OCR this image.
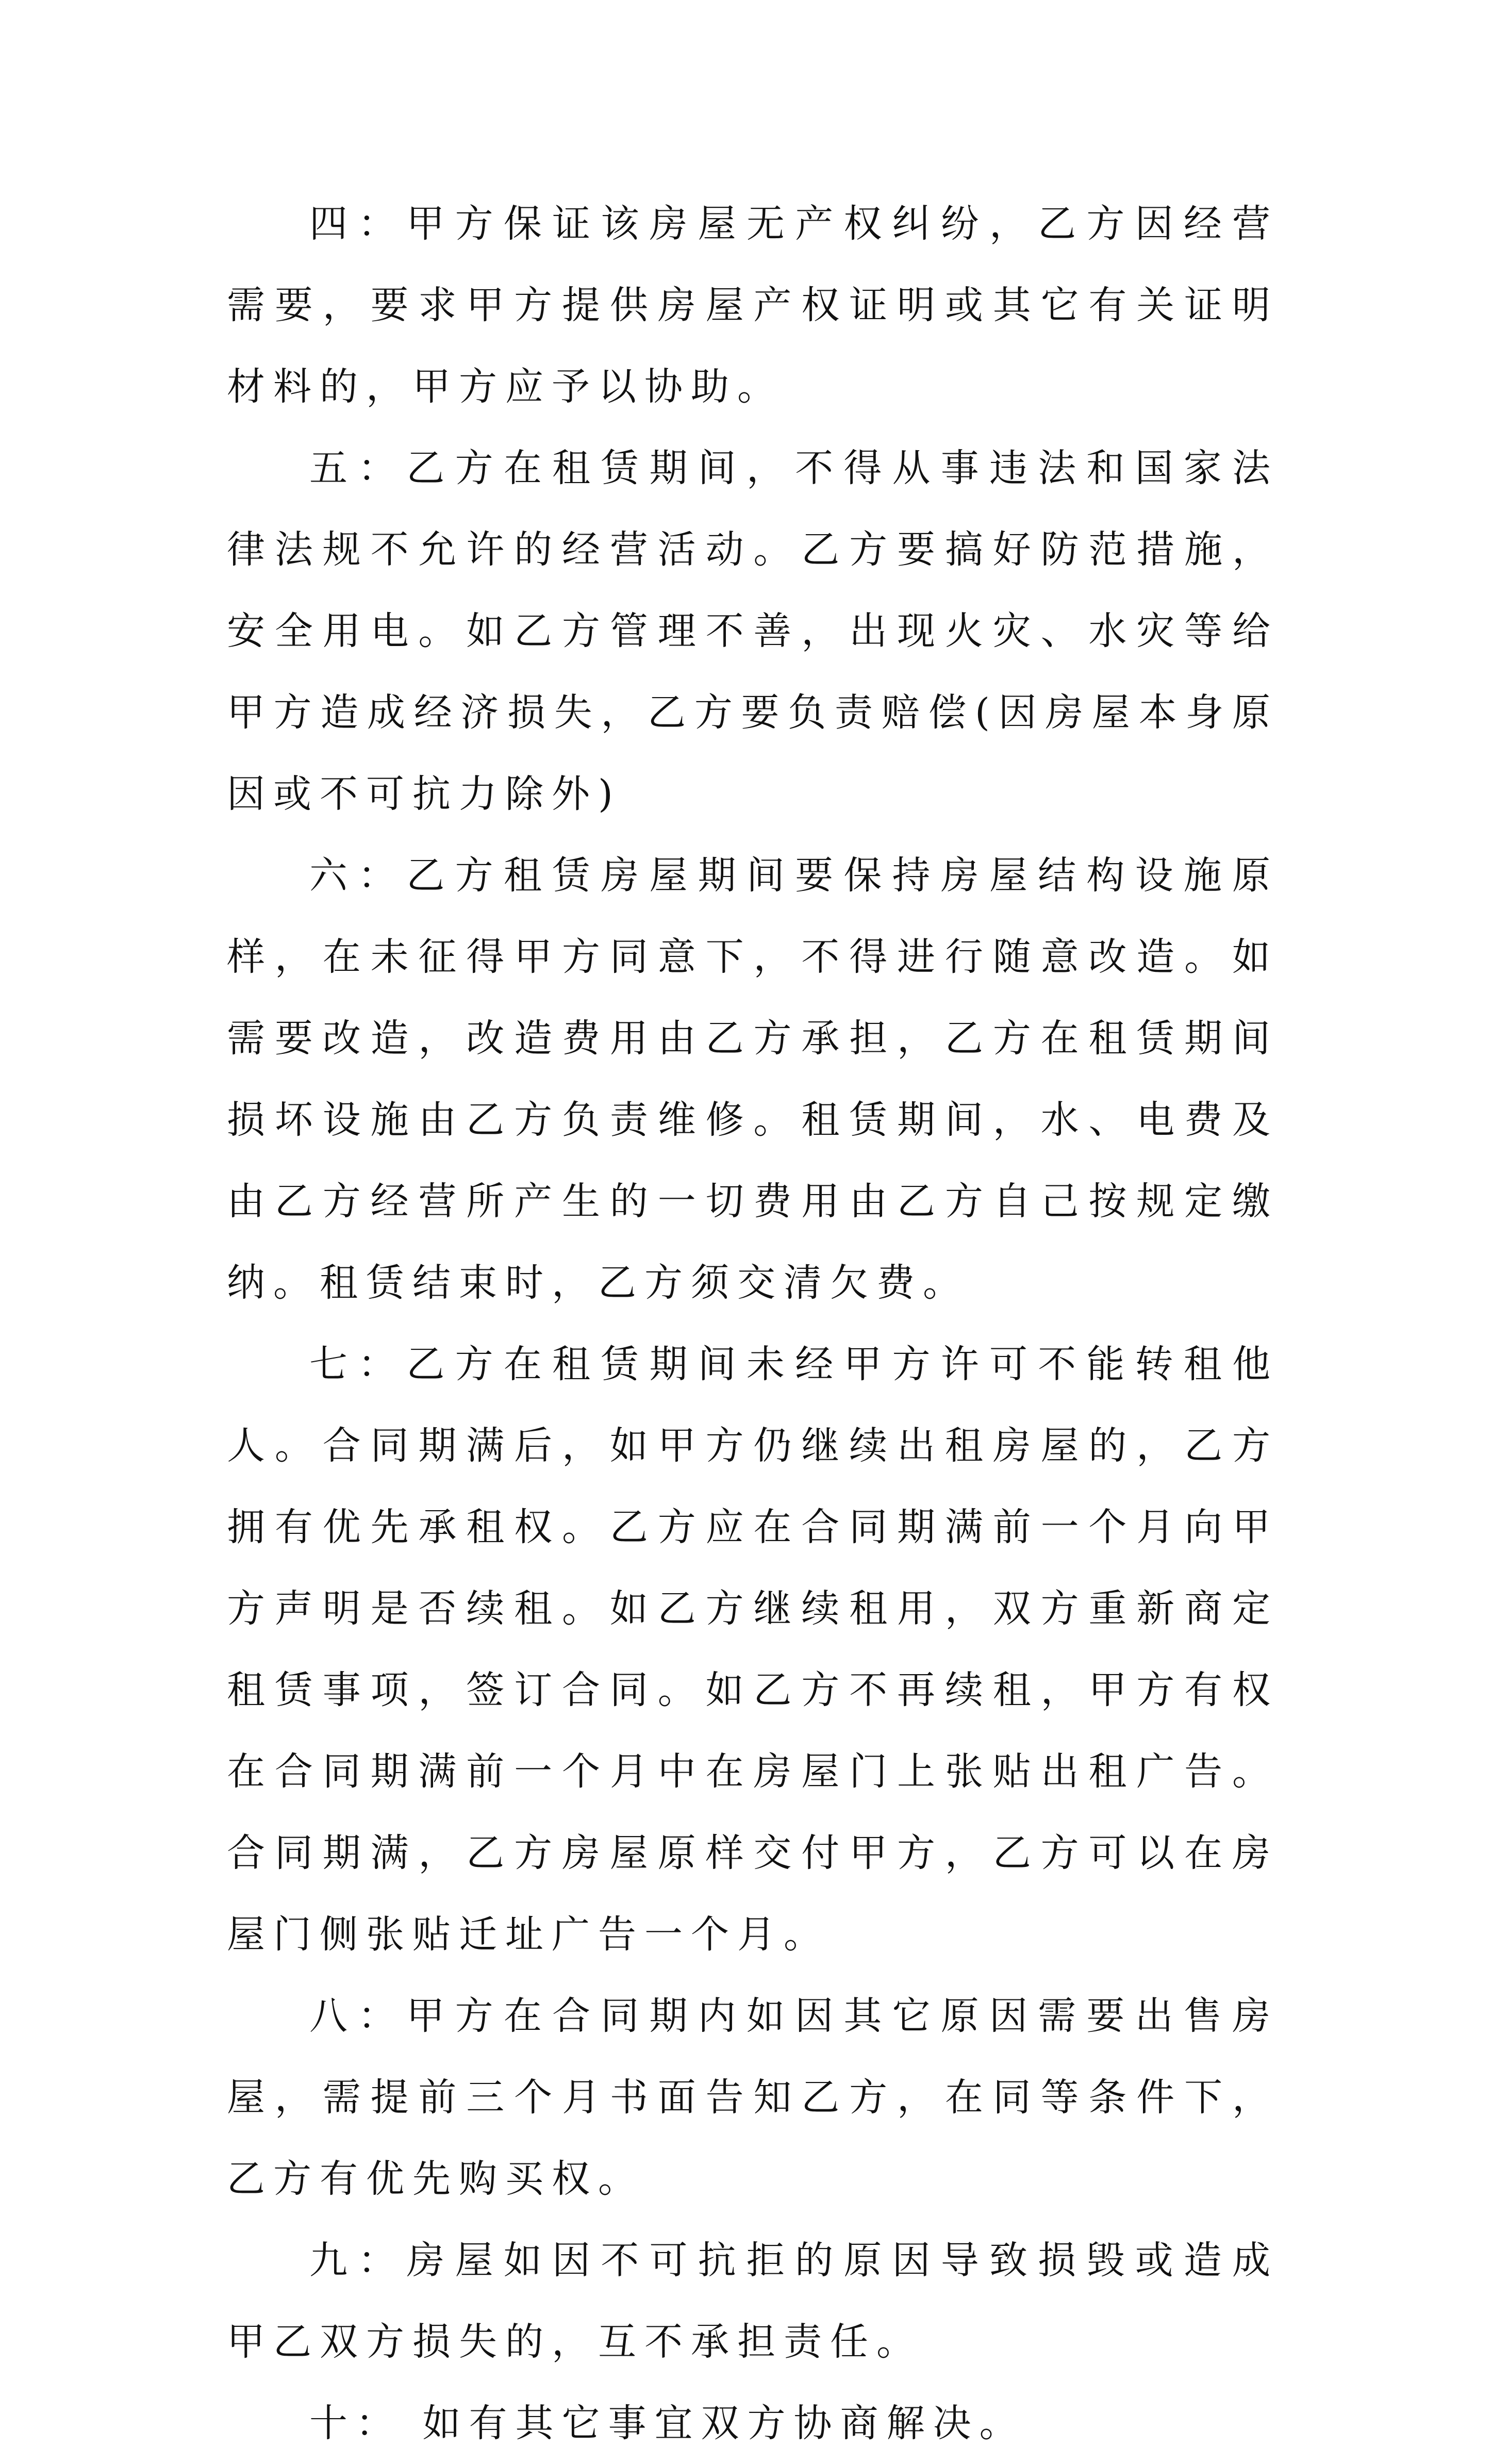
四：甲方保证该房屋无产权纠纷，乙方因经营需要，要求甲方提供房屋产权证明或其它有关证明材料的，甲方应予以协助。

五：乙方在租赁期间，不得从事违法和国家法律法规不允许的经营活动。乙方要搞好防范措施，安全用电。如乙方管理不善，出现火灾、水灾等给甲方造成经济损失，乙方要负责赔偿(因房屋本身原因或不可抗力除外)

六：乙方租赁房屋期间要保持房屋结构设施原样，在未征得甲方同意下，不得进行随意改造。如需要改造，改造费用由乙方承担，乙方在租赁期间损坏设施由乙方负责维修。租赁期间，水、电费及由乙方经营所产生的一切费用由乙方自己按规定缴纳。租赁结束时，乙方须交清欠费。

七：乙方在租赁期间未经甲方许可不能转租他人。合同期满后，如甲方仍继续出租房屋的，乙方拥有优先承租权。乙方应在合同期满前一个月向甲方声明是否续租。如乙方继续租用，双方重新商定租赁事项，签订合同。如乙方不再续租，甲方有权在合同期满前一个月中在房屋门上张贴出租广告。合同期满，乙方房屋原样交付甲方，乙方可以在房屋门侧张贴迁址广告一个月。

八：甲方在合同期内如因其它原因需要出售房屋，需提前三个月书面告知乙方，在同等条件下，乙方有优先购买权。

九：房屋如因不可抗拒的原因导致损毁或造成甲乙双方损失的，互不承担责任。

十： 如有其它事宜双方协商解决。
